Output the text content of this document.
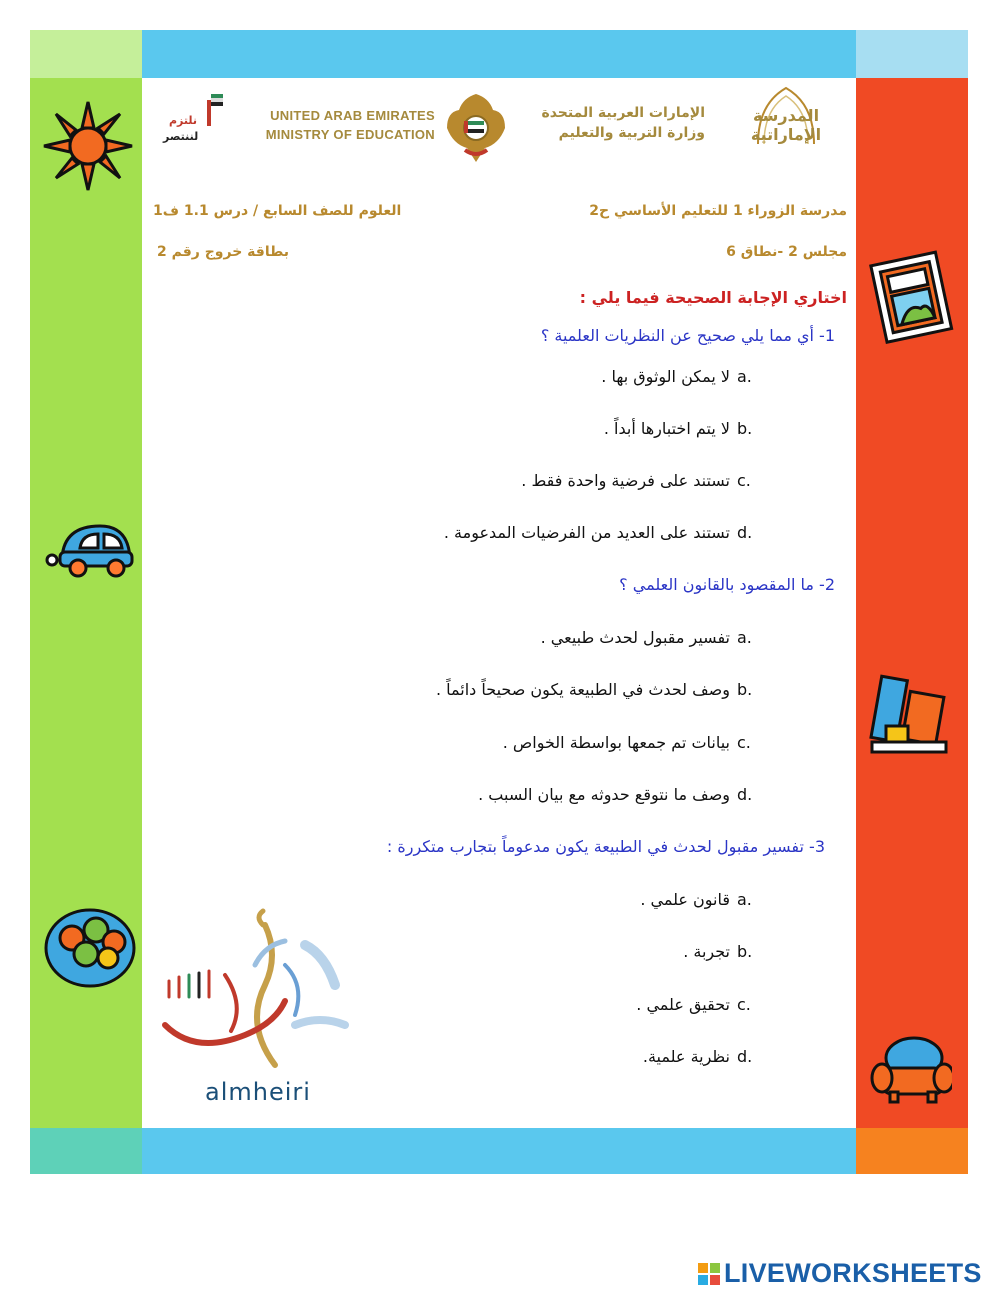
نلتزم
لننتصر
UNITED ARAB EMIRATES
MINISTRY OF EDUCATION
الإمارات العربية المتحدة
وزارة التربية والتعليم
المدرسة
الإماراتية
مدرسة الزوراء 1 للتعليم الأساسي ح2
العلوم للصف السابع / درس 1.1 ف1
مجلس 2 -نطاق 6
بطاقة خروج رقم 2
اختاري الإجابة الصحيحة فيما يلي :
1- أي مما يلي صحيح عن النظريات العلمية ؟
a.
لا يمكن الوثوق بها .
b.
لا يتم اختبارها أبداً .
c.
تستند على فرضية واحدة فقط .
d.
تستند على العديد من الفرضيات المدعومة .
2- ما المقصود بالقانون العلمي ؟
a.
تفسير مقبول لحدث طبيعي .
b.
وصف لحدث في الطبيعة يكون صحيحاً دائماً .
c.
بيانات تم جمعها بواسطة الخواص .
d.
وصف ما نتوقع حدوثه مع بيان السبب .
3- تفسير مقبول لحدث في الطبيعة يكون مدعوماً بتجارب متكررة :
a.
قانون علمي .
b.
تجربة .
c.
تحقيق علمي .
d.
نظرية علمية.
almheiri
LIVEWORKSHEETS
